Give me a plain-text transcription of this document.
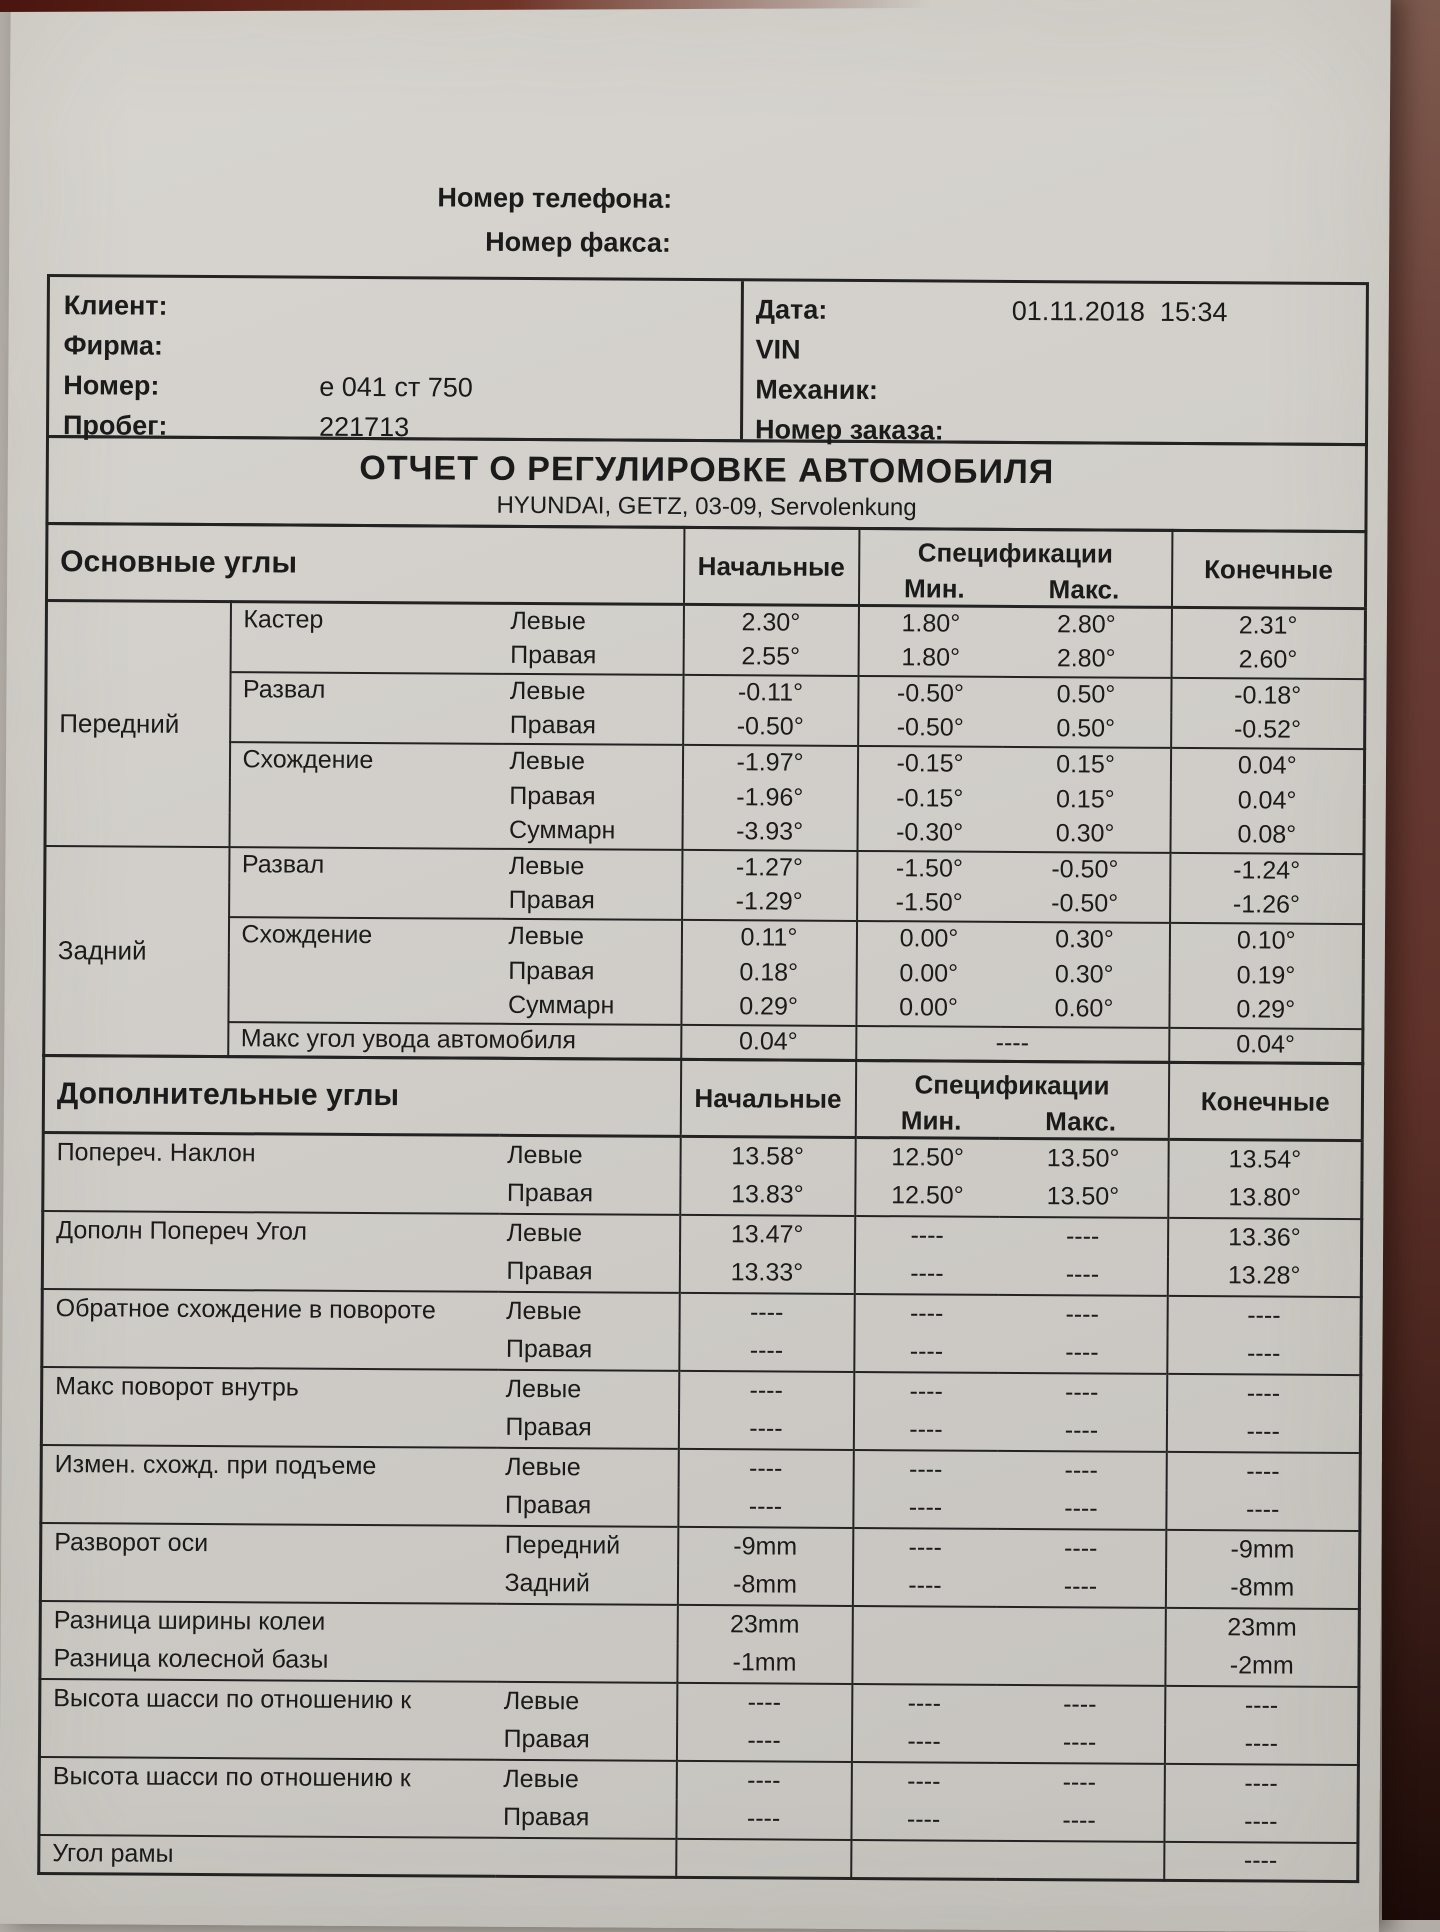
Номер телефона:
Номер факса:
Клиент:
Фирма:
Номер:	е 041 ст 750
Пробег:	221713
Дата:	01.11.2018  15:34
VIN
Механик:
Номер заказа:
ОТЧЕТ О РЕГУЛИРОВКЕ АВТОМОБИЛЯ
HYUNDAI, GETZ, 03-09, Servolenkung
Основные углы			Начальные	Спецификации
Мин. Макс.		Конечные
Передний	Кастер	Левые	2.30°	1.80°	2.80°	2.31°
		Правая	2.55°	1.80°	2.80°	2.60°
	Развал	Левые	-0.11°	-0.50°	0.50°	-0.18°
		Правая	-0.50°	-0.50°	0.50°	-0.52°
	Схождение	Левые	-1.97°	-0.15°	0.15°	0.04°
		Правая	-1.96°	-0.15°	0.15°	0.04°
		Суммарн	-3.93°	-0.30°	0.30°	0.08°
Задний	Развал	Левые	-1.27°	-1.50°	-0.50°	-1.24°
		Правая	-1.29°	-1.50°	-0.50°	-1.26°
	Схождение	Левые	0.11°	0.00°	0.30°	0.10°
		Правая	0.18°	0.00°	0.30°	0.19°
		Суммарн	0.29°	0.00°	0.60°	0.29°
	Макс угол увода автомобиля		0.04°	----		0.04°
Дополнительные углы		Начальные	Спецификации
Мин. Макс.		Конечные
Попереч. Наклон	Левые	13.58°	12.50°	13.50°	13.54°
	Правая	13.83°	12.50°	13.50°	13.80°
Дополн Попереч Угол	Левые	13.47°	----	----	13.36°
	Правая	13.33°	----	----	13.28°
Обратное схождение в повороте	Левые	----	----	----	----
	Правая	----	----	----	----
Макс поворот внутрь	Левые	----	----	----	----
	Правая	----	----	----	----
Измен. схожд. при подъеме	Левые	----	----	----	----
	Правая	----	----	----	----
Разворот оси	Передний	-9mm	----	----	-9mm
	Задний	-8mm	----	----	-8mm
Разница ширины колеи		23mm			23mm
Разница колесной базы		-1mm			-2mm
Высота шасси по отношению к	Левые	----	----	----	----
	Правая	----	----	----	----
Высота шасси по отношению к	Левые	----	----	----	----
	Правая	----	----	----	----
Угол рамы					----
